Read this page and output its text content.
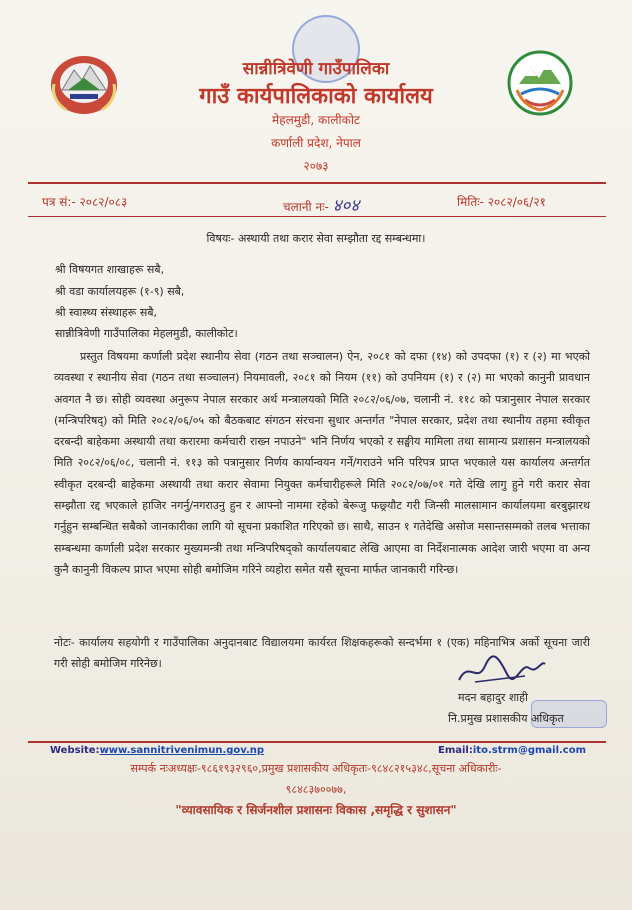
सान्नीत्रिवेणी गाउँपालिका
गाउँ कार्यपालिकाको कार्यालय
मेहलमुडी, कालीकोट
कर्णाली प्रदेश, नेपाल
२०७३
पत्र सं:- २०८२/०८३	चलानी नः- ४०४	मितिः- २०८२/०६/२१
विषयः- अस्थायी तथा करार सेवा सम्झौता रद्द सम्बन्धमा।
श्री विषयगत शाखाहरू सबै,
श्री वडा कार्यालयहरू (१-९) सबै,
श्री स्वास्थ्य संस्थाहरू सबै,
सान्नीत्रिवेणी गाउँपालिका मेहलमुडी, कालीकोट।

प्रस्तुत विषयमा कर्णाली प्रदेश स्थानीय सेवा (गठन तथा सञ्चालन) ऐन, २०८१ को दफा (१४) को उपदफा (१) र (२) मा भएको व्यवस्था र स्थानीय सेवा (गठन तथा सञ्चालन) नियमावली, २०८१ को नियम (११) को उपनियम (१) र (२) मा भएको कानुनी प्रावधान अवगत नै छ। सोही व्यवस्था अनुरूप नेपाल सरकार अर्थ मन्त्रालयको मिति २०८२/०६/०७, चलानी नं. ११८ को पत्रानुसार नेपाल सरकार (मन्त्रिपरिषद्) को मिति २०८२/०६/०५ को बैठकबाट संगठन संरचना सुधार अन्तर्गत "नेपाल सरकार, प्रदेश तथा स्थानीय तहमा स्वीकृत दरबन्दी बाहेकमा अस्थायी तथा करारमा कर्मचारी राख्न नपाउने" भनि निर्णय भएको र सङ्घीय मामिला तथा सामान्य प्रशासन मन्त्रालयको मिति २०८२/०६/०८, चलानी नं. ११३ को पत्रानुसार निर्णय कार्यान्वयन गर्ने/गराउने भनि परिपत्र प्राप्त भएकाले यस कार्यालय अन्तर्गत स्वीकृत दरबन्दी बाहेकमा अस्थायी तथा करार सेवामा नियुक्त कर्मचारीहरूले मिति २०८२/०७/०१ गते देखि लागु हुने गरी करार सेवा सम्झौता रद्द भएकाले हाजिर नगर्नु/नगराउनु हुन र आफ्नो नाममा रहेको बेरूजु फछ्र्यौट गरी जिन्सी मालसामान कार्यालयमा बरबुझारथ गर्नुहुन सम्बन्धित सबैको जानकारीका लागि यो सूचना प्रकाशित गरिएको छ। साथै, साउन १ गतेदेखि असोज मसान्तसम्मको तलब भत्ताका सम्बन्धमा कर्णाली प्रदेश सरकार मुख्यमन्त्री तथा मन्त्रिपरिषद्को कार्यालयबाट लेखि आएमा वा निर्देशनात्मक आदेश जारी भएमा वा अन्य कुनै कानुनी विकल्प प्राप्त भएमा सोही बमोजिम गरिने व्यहोरा समेत यसै सूचना मार्फत जानकारी गरिन्छ।

नोटः- कार्यालय सहयोगी र गाउँपालिका अनुदानबाट विद्यालयमा कार्यरत शिक्षकहरूको सन्दर्भमा १ (एक) महिनाभित्र अर्को सूचना जारी गरी सोही बमोजिम गरिनेछ।
मदन बहादुर शाही
नि.प्रमुख प्रशासकीय अधिकृत
Website:www.sannitrivenimun.gov.np	Email:ito.strm@gmail.com
सम्पर्क नःअध्यक्षः-९८६१९३२९६०,प्रमुख प्रशासकीय अधिकृतः-९८४८२१५३४८,सूचना अधिकारीः-
९८४८३७००७७,
"व्यावसायिक र सिर्जनशील प्रशासनः विकास ,समृद्धि र सुशासन"
